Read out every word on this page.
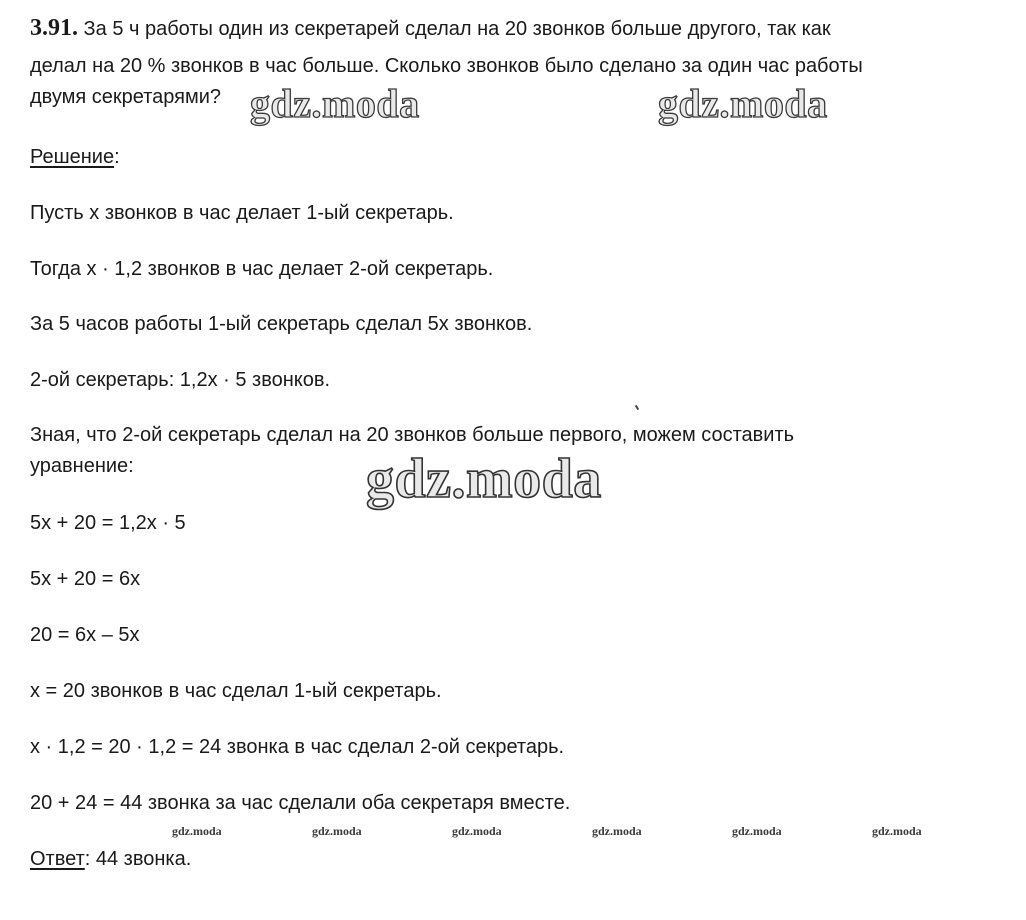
3.91. За 5 ч работы один из секретарей сделал на 20 звонков больше другого, так как
делал на 20 % звонков в час больше. Сколько звонков было сделано за один час работы
двумя секретарями?
Решение:
Пусть x звонков в час делает 1-ый секретарь.
Тогда x · 1,2 звонков в час делает 2-ой секретарь.
За 5 часов работы 1-ый секретарь сделал 5x звонков.
2-ой секретарь: 1,2x · 5 звонков.
Зная, что 2-ой секретарь сделал на 20 звонков больше первого, можем составить
уравнение:
5x + 20 = 1,2x · 5
5x + 20 = 6x
20 = 6x – 5x
x = 20 звонков в час сделал 1-ый секретарь.
x · 1,2 = 20 · 1,2 = 24 звонка в час сделал 2-ой секретарь.
20 + 24 = 44 звонка за час сделали оба секретаря вместе.
Ответ: 44 звонка.
gdz.moda	gdz.moda
gdz.moda
gdz.moda	gdz.moda	gdz.moda	gdz.moda	gdz.moda	gdz.moda
